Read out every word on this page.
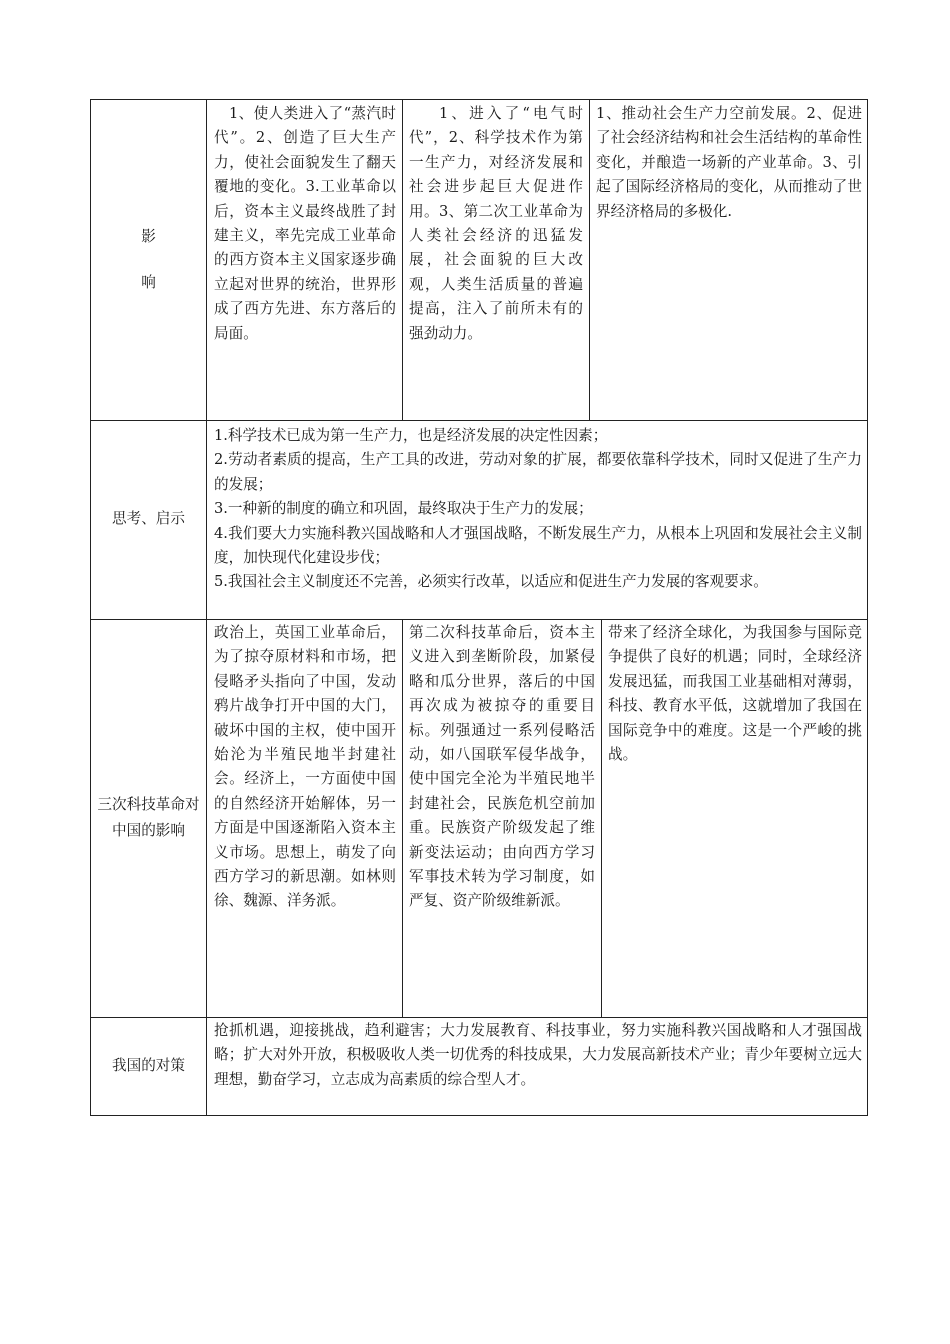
影
响
1、使人类进入了“蒸汽时代”。2、创造了巨大生产力，使社会面貌发生了翻天覆地的变化。3.工业革命以后，资本主义最终战胜了封建主义，率先完成工业革命的西方资本主义国家逐步确立起对世界的统治，世界形成了西方先进、东方落后的局面。
1、进入了“电气时代”，2、科学技术作为第一生产力，对经济发展和社会进步起巨大促进作用。3、第二次工业革命为人类社会经济的迅猛发展，社会面貌的巨大改观，人类生活质量的普遍提高，注入了前所未有的强劲动力。
1、推动社会生产力空前发展。2、促进了社会经济结构和社会生活结构的革命性变化，并酿造一场新的产业革命。3、引起了国际经济格局的变化，从而推动了世界经济格局的多极化.
思考、启示
1.科学技术已成为第一生产力，也是经济发展的决定性因素；
2.劳动者素质的提高，生产工具的改进，劳动对象的扩展，都要依靠科学技术，同时又促进了生产力的发展；
3.一种新的制度的确立和巩固，最终取决于生产力的发展；
4.我们要大力实施科教兴国战略和人才强国战略，不断发展生产力，从根本上巩固和发展社会主义制度，加快现代化建设步伐；
5.我国社会主义制度还不完善，必须实行改革，以适应和促进生产力发展的客观要求。
三次科技革命对中国的影响
政治上，英国工业革命后，为了掠夺原材料和市场，把侵略矛头指向了中国，发动鸦片战争打开中国的大门，破坏中国的主权，使中国开始沦为半殖民地半封建社会。经济上，一方面使中国的自然经济开始解体，另一方面是中国逐渐陷入资本主义市场。思想上，萌发了向西方学习的新思潮。如林则徐、魏源、洋务派。
第二次科技革命后，资本主义进入到垄断阶段，加紧侵略和瓜分世界，落后的中国再次成为被掠夺的重要目标。列强通过一系列侵略活动，如八国联军侵华战争，使中国完全沦为半殖民地半封建社会，民族危机空前加重。民族资产阶级发起了维新变法运动；由向西方学习军事技术转为学习制度，如严复、资产阶级维新派。
带来了经济全球化，为我国参与国际竞争提供了良好的机遇；同时，全球经济发展迅猛，而我国工业基础相对薄弱，科技、教育水平低，这就增加了我国在国际竞争中的难度。这是一个严峻的挑战。
我国的对策
抢抓机遇，迎接挑战，趋利避害；大力发展教育、科技事业，努力实施科教兴国战略和人才强国战略；扩大对外开放，积极吸收人类一切优秀的科技成果，大力发展高新技术产业；青少年要树立远大理想，勤奋学习，立志成为高素质的综合型人才。
